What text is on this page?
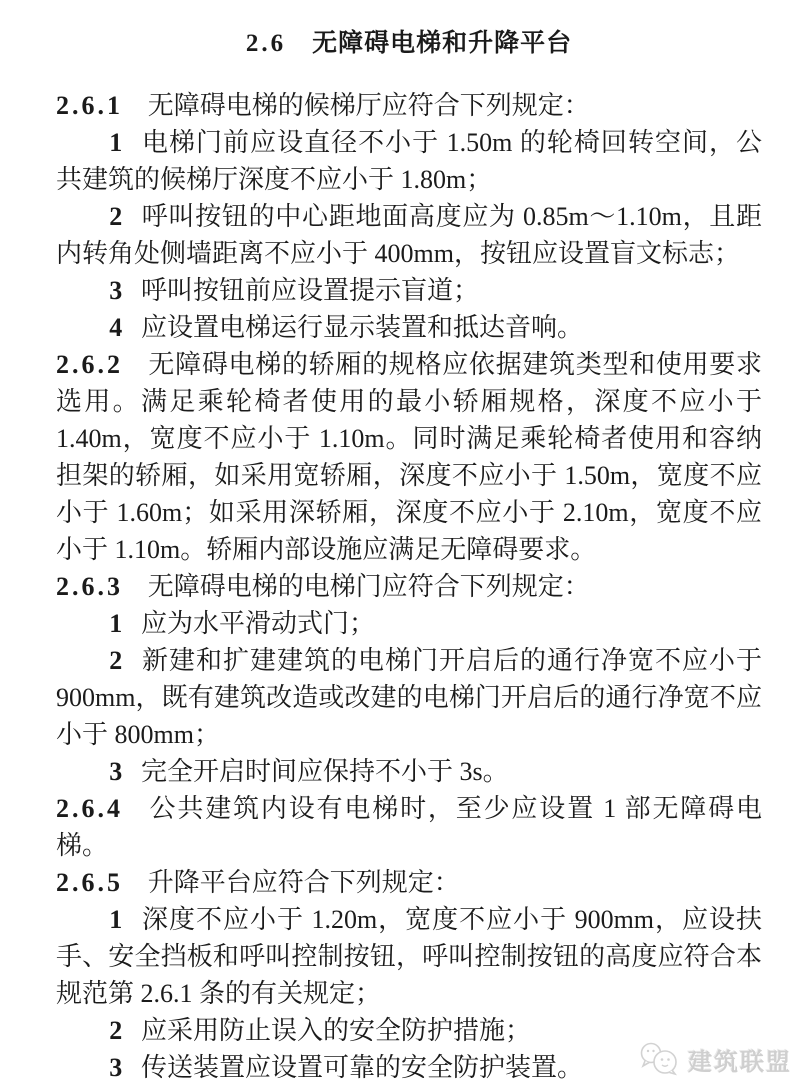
2.6 无障碍电梯和升降平台

2.6.1 无障碍电梯的候梯厅应符合下列规定：

1 电梯门前应设直径不小于 1.50m 的轮椅回转空间，公共建筑的候梯厅深度不应小于 1.80m；

2 呼叫按钮的中心距地面高度应为 0.85m～1.10m，且距内转角处侧墙距离不应小于 400mm，按钮应设置盲文标志；

3 呼叫按钮前应设置提示盲道；

4 应设置电梯运行显示装置和抵达音响。

2.6.2 无障碍电梯的轿厢的规格应依据建筑类型和使用要求选用。满足乘轮椅者使用的最小轿厢规格，深度不应小于 1.40m，宽度不应小于 1.10m。同时满足乘轮椅者使用和容纳担架的轿厢，如采用宽轿厢，深度不应小于 1.50m，宽度不应小于 1.60m；如采用深轿厢，深度不应小于 2.10m，宽度不应小于 1.10m。轿厢内部设施应满足无障碍要求。

2.6.3 无障碍电梯的电梯门应符合下列规定：

1 应为水平滑动式门；

2 新建和扩建建筑的电梯门开启后的通行净宽不应小于 900mm，既有建筑改造或改建的电梯门开启后的通行净宽不应小于 800mm；

3 完全开启时间应保持不小于 3s。

2.6.4 公共建筑内设有电梯时，至少应设置 1 部无障碍电梯。

2.6.5 升降平台应符合下列规定：

1 深度不应小于 1.20m，宽度不应小于 900mm，应设扶手、安全挡板和呼叫控制按钮，呼叫控制按钮的高度应符合本规范第 2.6.1 条的有关规定；

2 应采用防止误入的安全防护措施；

3 传送装置应设置可靠的安全防护装置。	建筑联盟
